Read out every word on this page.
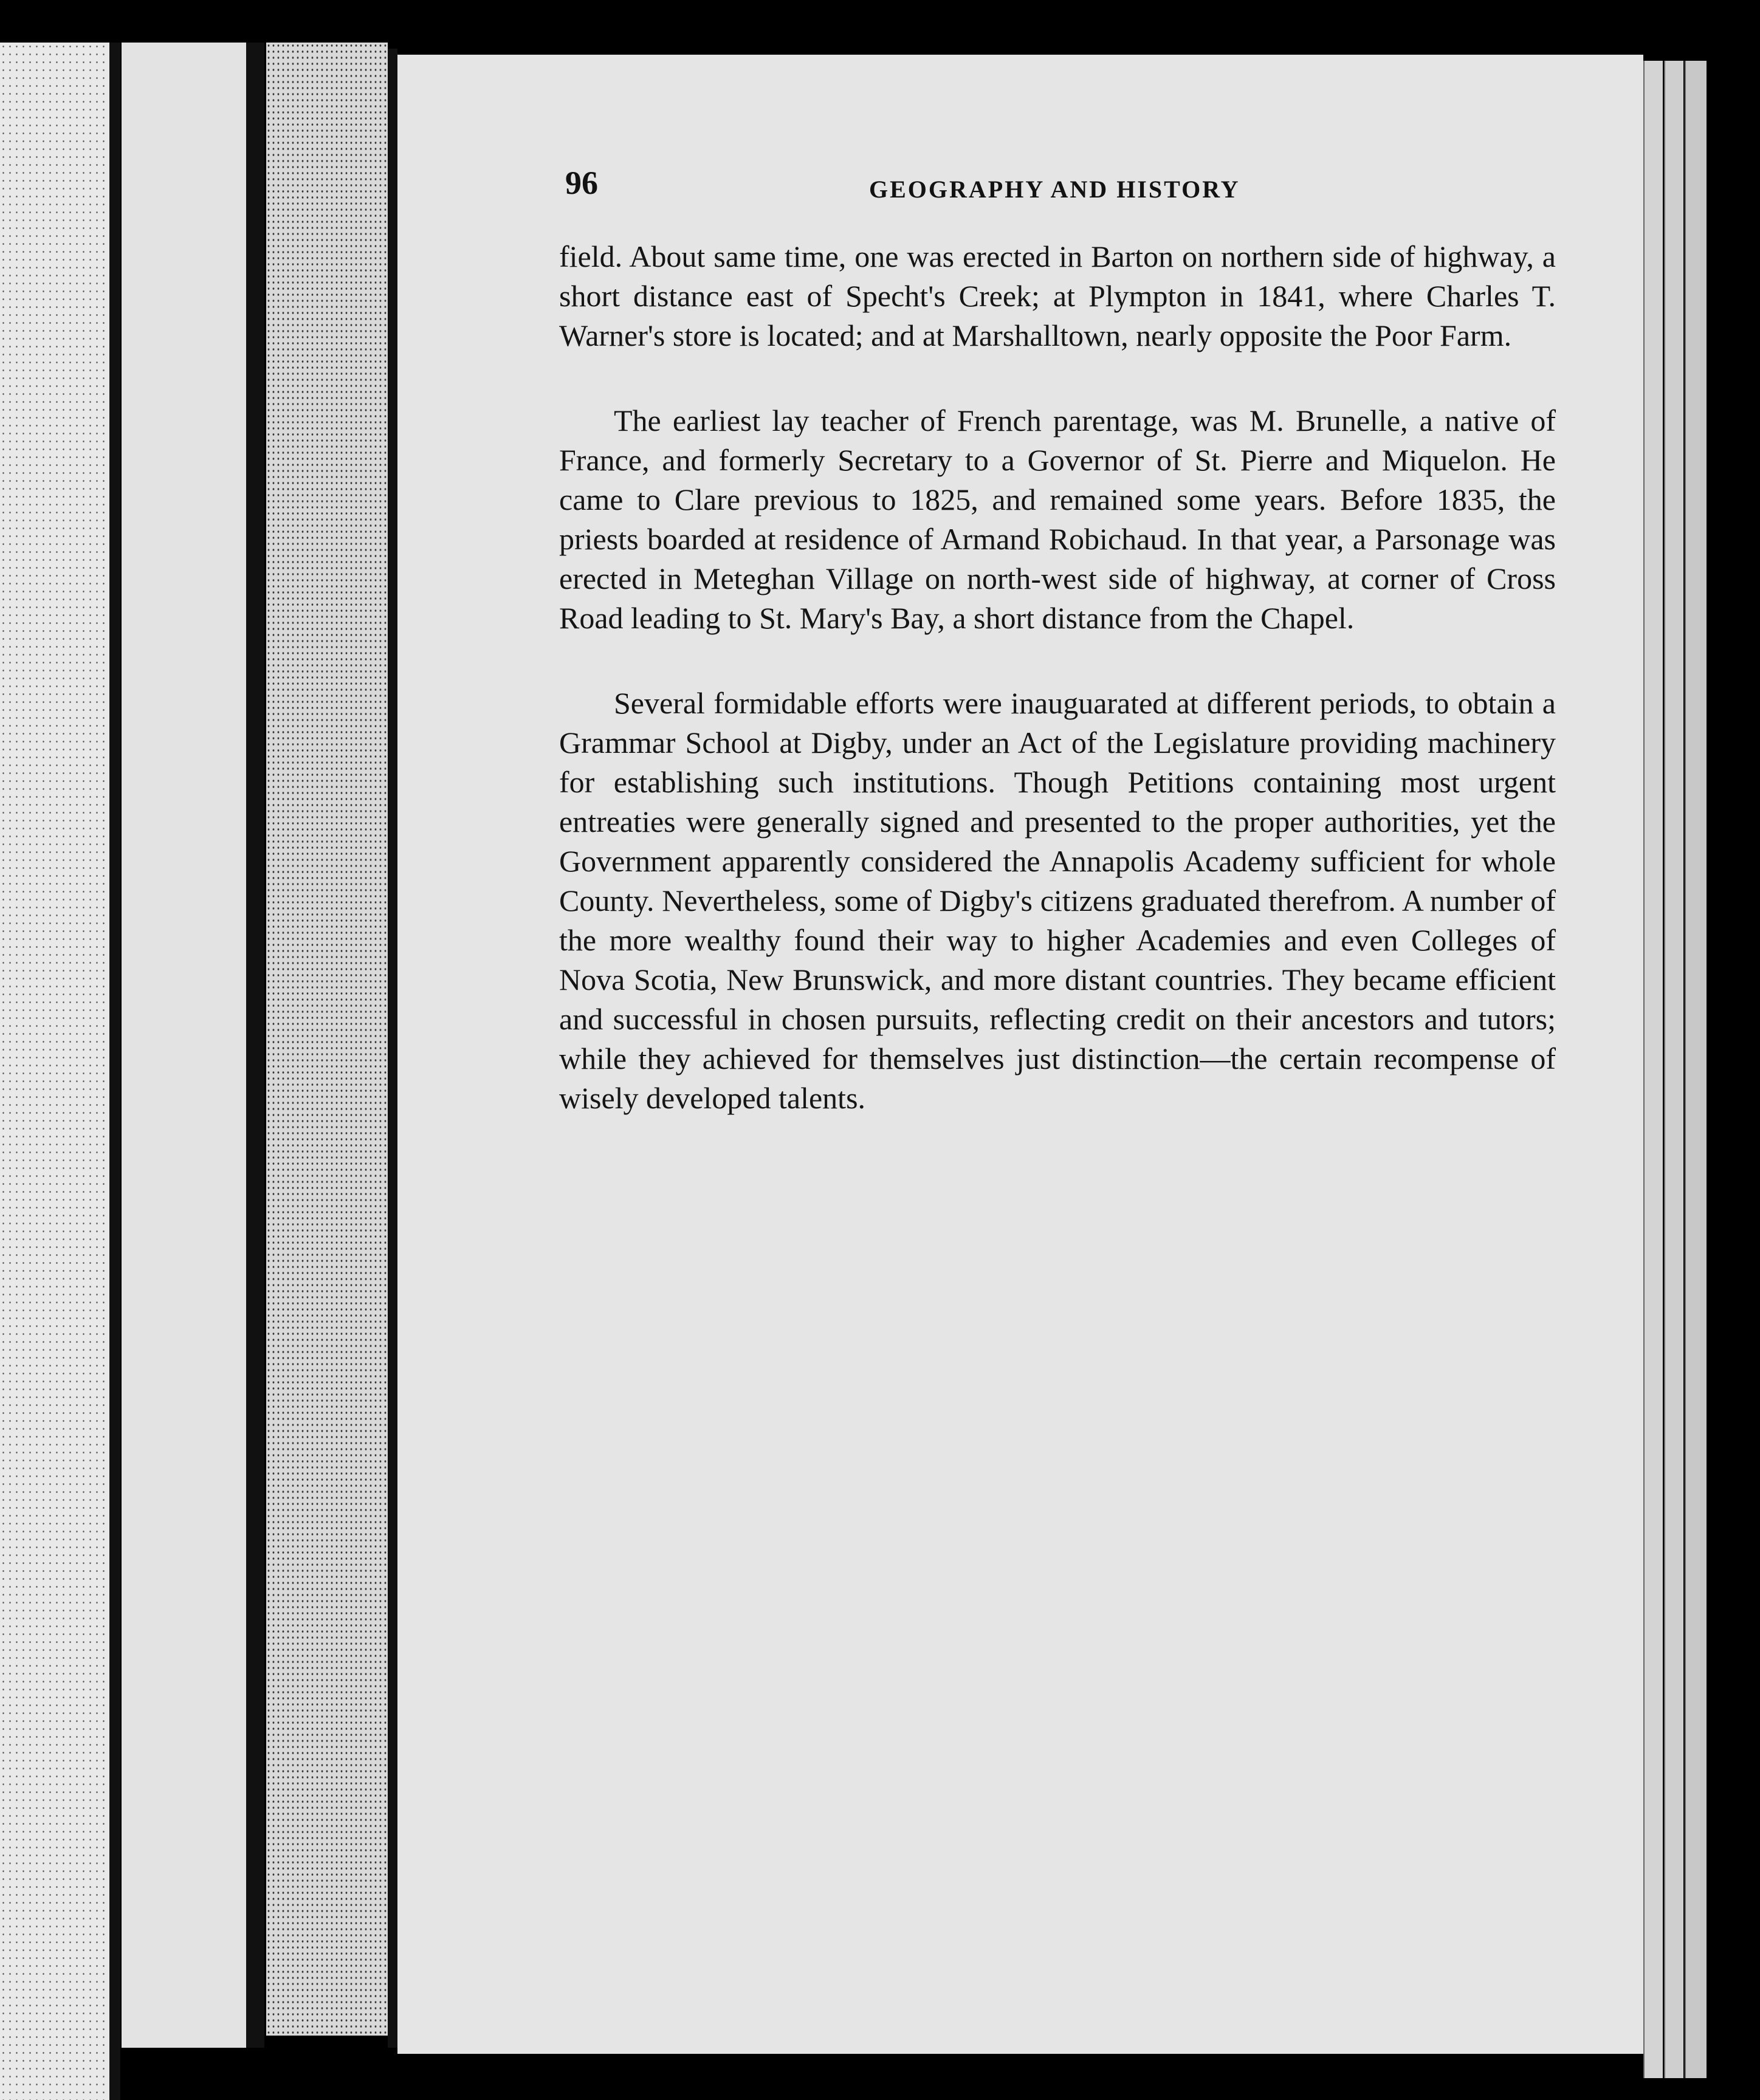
96	GEOGRAPHY AND HISTORY

field. About same time, one was erected in Barton on northern side of highway, a short distance east of Specht's Creek; at Plympton in 1841, where Charles T. Warner's store is located; and at Marshalltown, nearly opposite the Poor Farm.

The earliest lay teacher of French parentage, was M. Brunelle, a native of France, and formerly Secretary to a Governor of St. Pierre and Miquelon. He came to Clare previous to 1825, and remained some years. Before 1835, the priests boarded at residence of Armand Robichaud. In that year, a Parsonage was erected in Meteghan Village on north-west side of highway, at corner of Cross Road leading to St. Mary's Bay, a short distance from the Chapel.

Several formidable efforts were inauguarated at different periods, to obtain a Grammar School at Digby, under an Act of the Legislature providing machinery for establishing such institutions. Though Petitions containing most urgent entreaties were generally signed and presented to the proper authorities, yet the Government apparently considered the Annapolis Academy sufficient for whole County. Nevertheless, some of Digby's citizens graduated therefrom. A number of the more wealthy found their way to higher Academies and even Colleges of Nova Scotia, New Brunswick, and more distant countries. They became efficient and successful in chosen pursuits, reflecting credit on their ancestors and tutors; while they achieved for themselves just distinction—the certain recompense of wisely developed talents.
